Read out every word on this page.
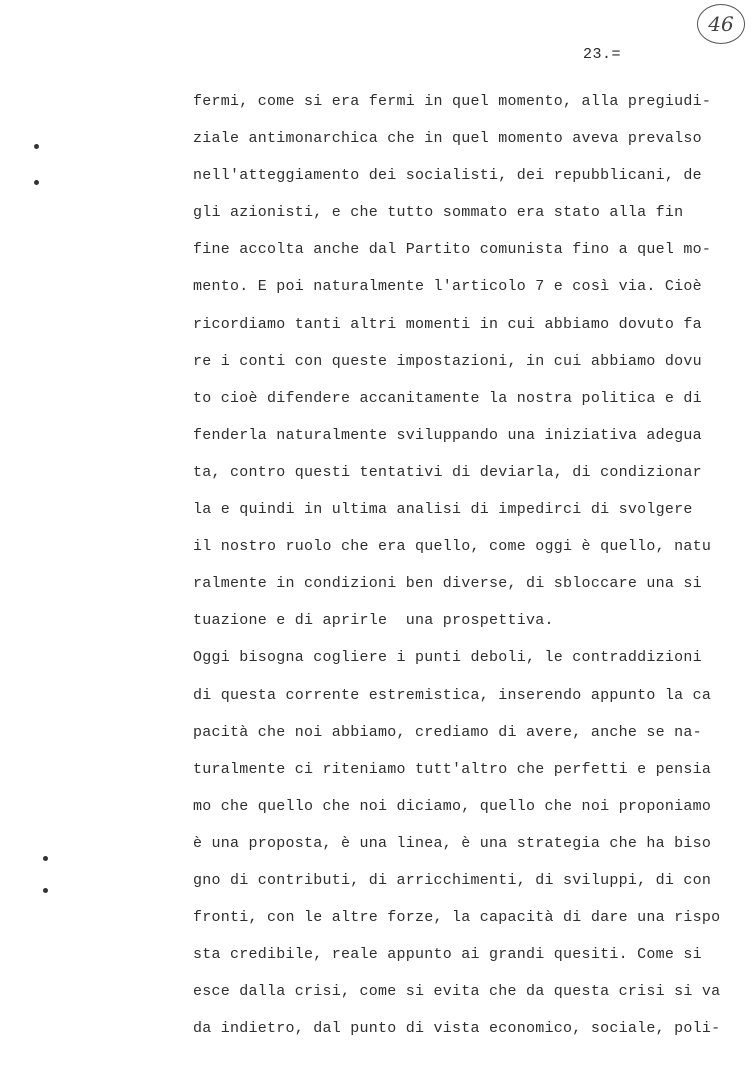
46
23.=
fermi, come si era fermi in quel momento, alla pregiudi-
ziale antimonarchica che in quel momento aveva prevalso
nell'atteggiamento dei socialisti, dei repubblicani, de
gli azionisti, e che tutto sommato era stato alla fin
fine accolta anche dal Partito comunista fino a quel mo-
mento. E poi naturalmente l'articolo 7 e così via. Cioè
ricordiamo tanti altri momenti in cui abbiamo dovuto fa
re i conti con queste impostazioni, in cui abbiamo dovu
to cioè difendere accanitamente la nostra politica e di
fenderla naturalmente sviluppando una iniziativa adegua
ta, contro questi tentativi di deviarla, di condizionar
la e quindi in ultima analisi di impedirci di svolgere
il nostro ruolo che era quello, come oggi è quello, natu
ralmente in condizioni ben diverse, di sbloccare una si
tuazione e di aprirle  una prospettiva.
Oggi bisogna cogliere i punti deboli, le contraddizioni
di questa corrente estremistica, inserendo appunto la ca
pacità che noi abbiamo, crediamo di avere, anche se na-
turalmente ci riteniamo tutt'altro che perfetti e pensia
mo che quello che noi diciamo, quello che noi proponiamo
è una proposta, è una linea, è una strategia che ha biso
gno di contributi, di arricchimenti, di sviluppi, di con
fronti, con le altre forze, la capacità di dare una rispo
sta credibile, reale appunto ai grandi quesiti. Come si
esce dalla crisi, come si evita che da questa crisi si va
da indietro, dal punto di vista economico, sociale, poli-
